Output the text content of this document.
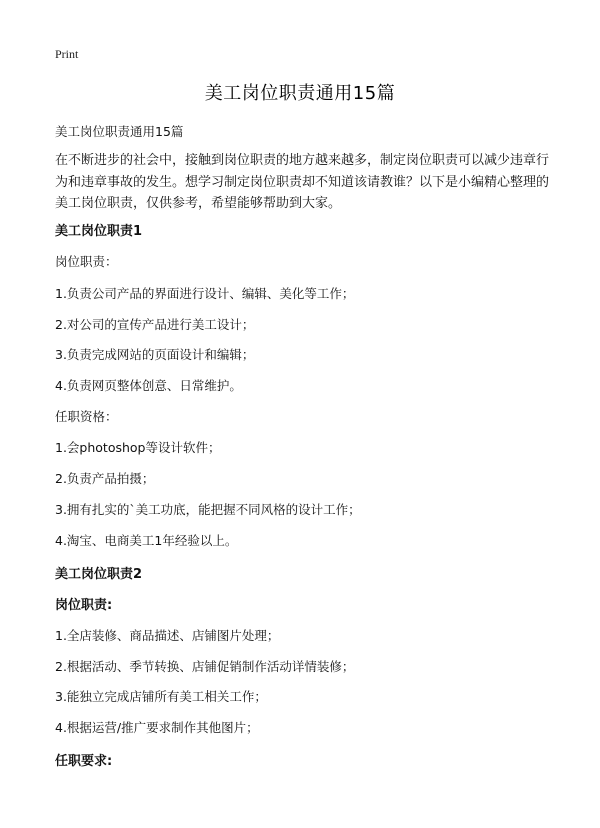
Print
美工岗位职责通用15篇

美工岗位职责通用15篇

在不断进步的社会中，接触到岗位职责的地方越来越多，制定岗位职责可以减少违章行为和违章事故的发生。想学习制定岗位职责却不知道该请教谁？以下是小编精心整理的美工岗位职责，仅供参考，希望能够帮助到大家。

美工岗位职责1

岗位职责：

1.负责公司产品的界面进行设计、编辑、美化等工作；

2.对公司的宣传产品进行美工设计；

3.负责完成网站的页面设计和编辑；

4.负责网页整体创意、日常维护。

任职资格：

1.会photoshop等设计软件；

2.负责产品拍摄；

3.拥有扎实的`美工功底，能把握不同风格的设计工作；

4.淘宝、电商美工1年经验以上。

美工岗位职责2

岗位职责:

1.全店装修、商品描述、店铺图片处理；

2.根据活动、季节转换、店铺促销制作活动详情装修；

3.能独立完成店铺所有美工相关工作；

4.根据运营/推广要求制作其他图片；

任职要求:
